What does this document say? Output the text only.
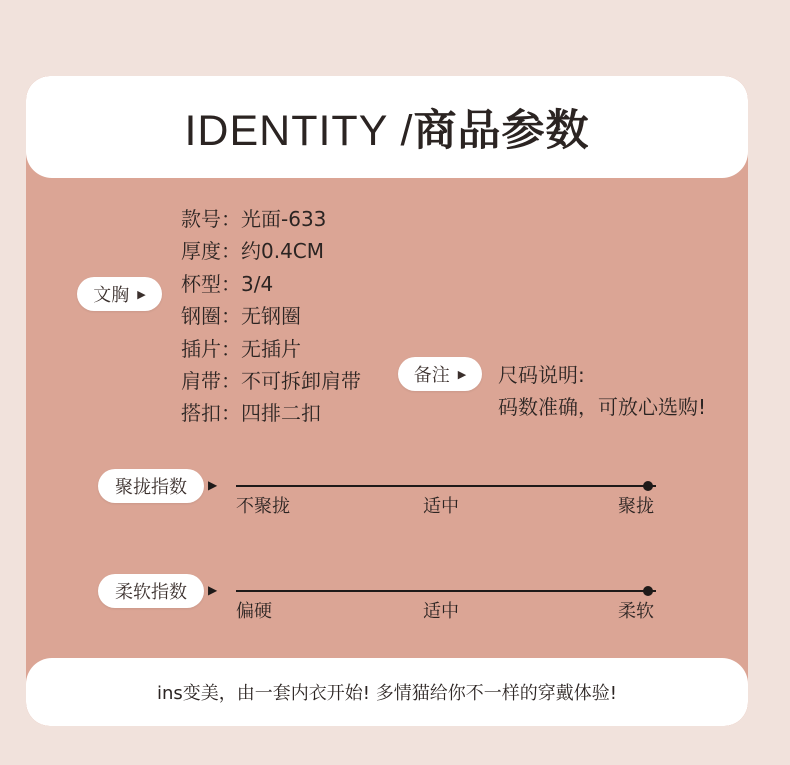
IDENTITY /商品参数
文胸 ▶
款号：光面-633
厚度：约0.4CM
杯型：3/4
钢圈：无钢圈
插片：无插片
肩带：不可拆卸肩带
搭扣：四排二扣
备注 ▶ 尺码说明:
码数准确，可放心选购!
聚拢指数 ▶
不聚拢	适中	聚拢
柔软指数 ▶
偏硬	适中	柔软
ins变美，由一套内衣开始! 多情猫给你不一样的穿戴体验!
